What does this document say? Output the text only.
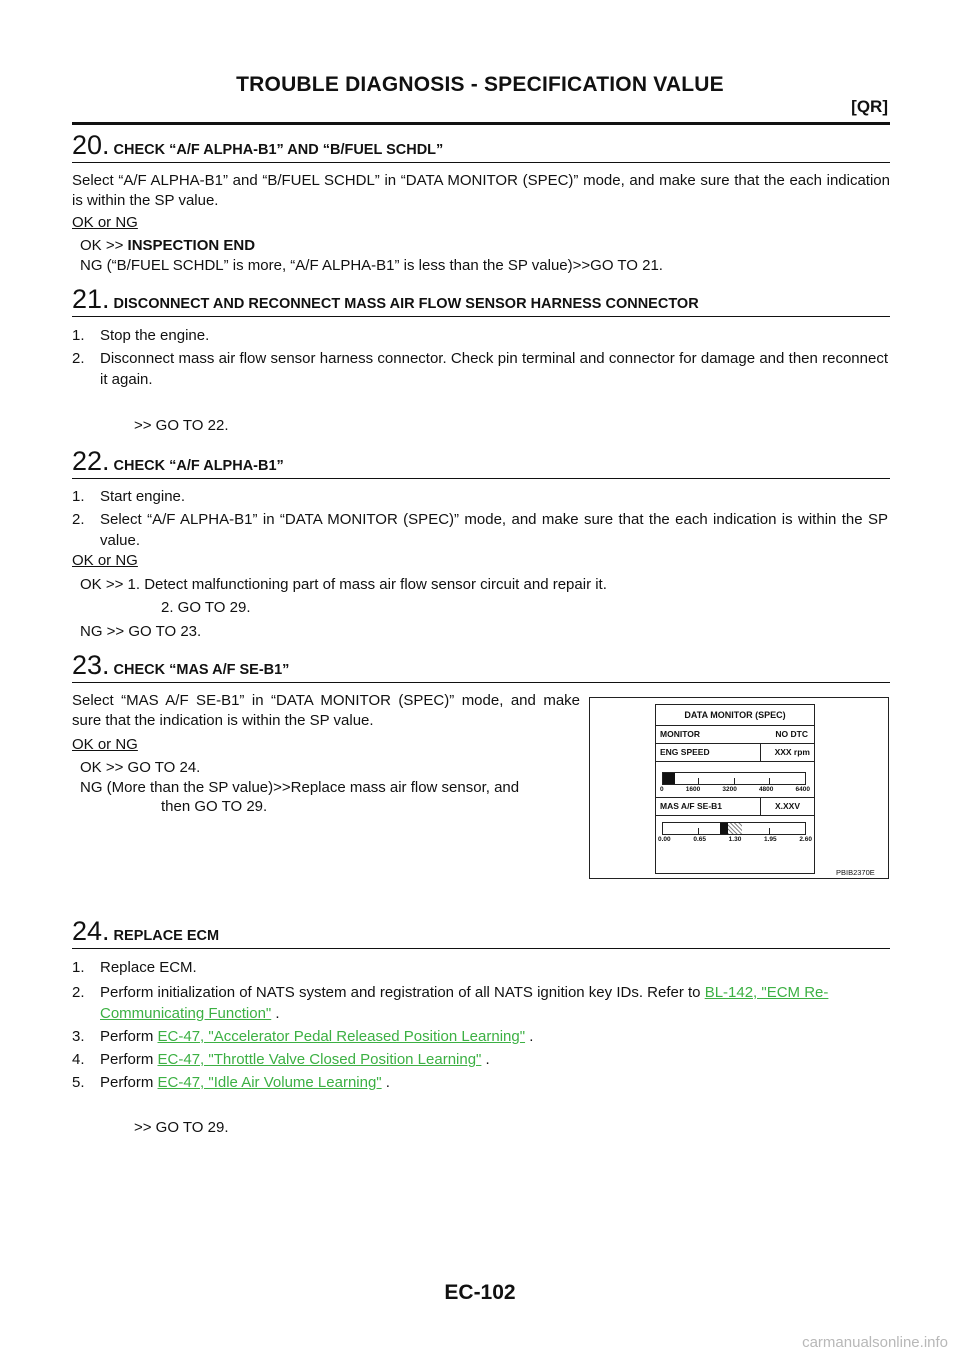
TROUBLE DIAGNOSIS - SPECIFICATION VALUE
[QR]
20. CHECK “A/F ALPHA-B1” AND “B/FUEL SCHDL”
Select “A/F ALPHA-B1” and “B/FUEL SCHDL” in “DATA MONITOR (SPEC)” mode, and make sure that the each indication is within the SP value.
OK or NG
OK >> INSPECTION END
NG (“B/FUEL SCHDL” is more, “A/F ALPHA-B1” is less than the SP value)>>GO TO 21.
21. DISCONNECT AND RECONNECT MASS AIR FLOW SENSOR HARNESS CONNECTOR
1. Stop the engine.
2. Disconnect mass air flow sensor harness connector. Check pin terminal and connector for damage and then reconnect it again.
>> GO TO 22.
22. CHECK “A/F ALPHA-B1”
1. Start engine.
2. Select “A/F ALPHA-B1” in “DATA MONITOR (SPEC)” mode, and make sure that the each indication is within the SP value.
OK or NG
OK >> 1. Detect malfunctioning part of mass air flow sensor circuit and repair it.
2. GO TO 29.
NG >> GO TO 23.
23. CHECK “MAS A/F SE-B1”
Select “MAS A/F SE-B1” in “DATA MONITOR (SPEC)” mode, and make sure that the indication is within the SP value.
OK or NG
OK >> GO TO 24.
NG (More than the SP value)>>Replace mass air flow sensor, and
then GO TO 29.
DATA MONITOR (SPEC)
MONITOR	NO DTC
ENG SPEED	XXX rpm
0	1600	3200	4800	6400
MAS A/F SE-B1	X.XXV
0.00	0.65	1.30	1.95	2.60
PBIB2370E
24. REPLACE ECM
1. Replace ECM.
2. Perform initialization of NATS system and registration of all NATS ignition key IDs. Refer to BL-142, "ECM Re-Communicating Function" .
3. Perform EC-47, "Accelerator Pedal Released Position Learning" .
4. Perform EC-47, "Throttle Valve Closed Position Learning" .
5. Perform EC-47, "Idle Air Volume Learning" .
>> GO TO 29.
EC-102
carmanualsonline.info
